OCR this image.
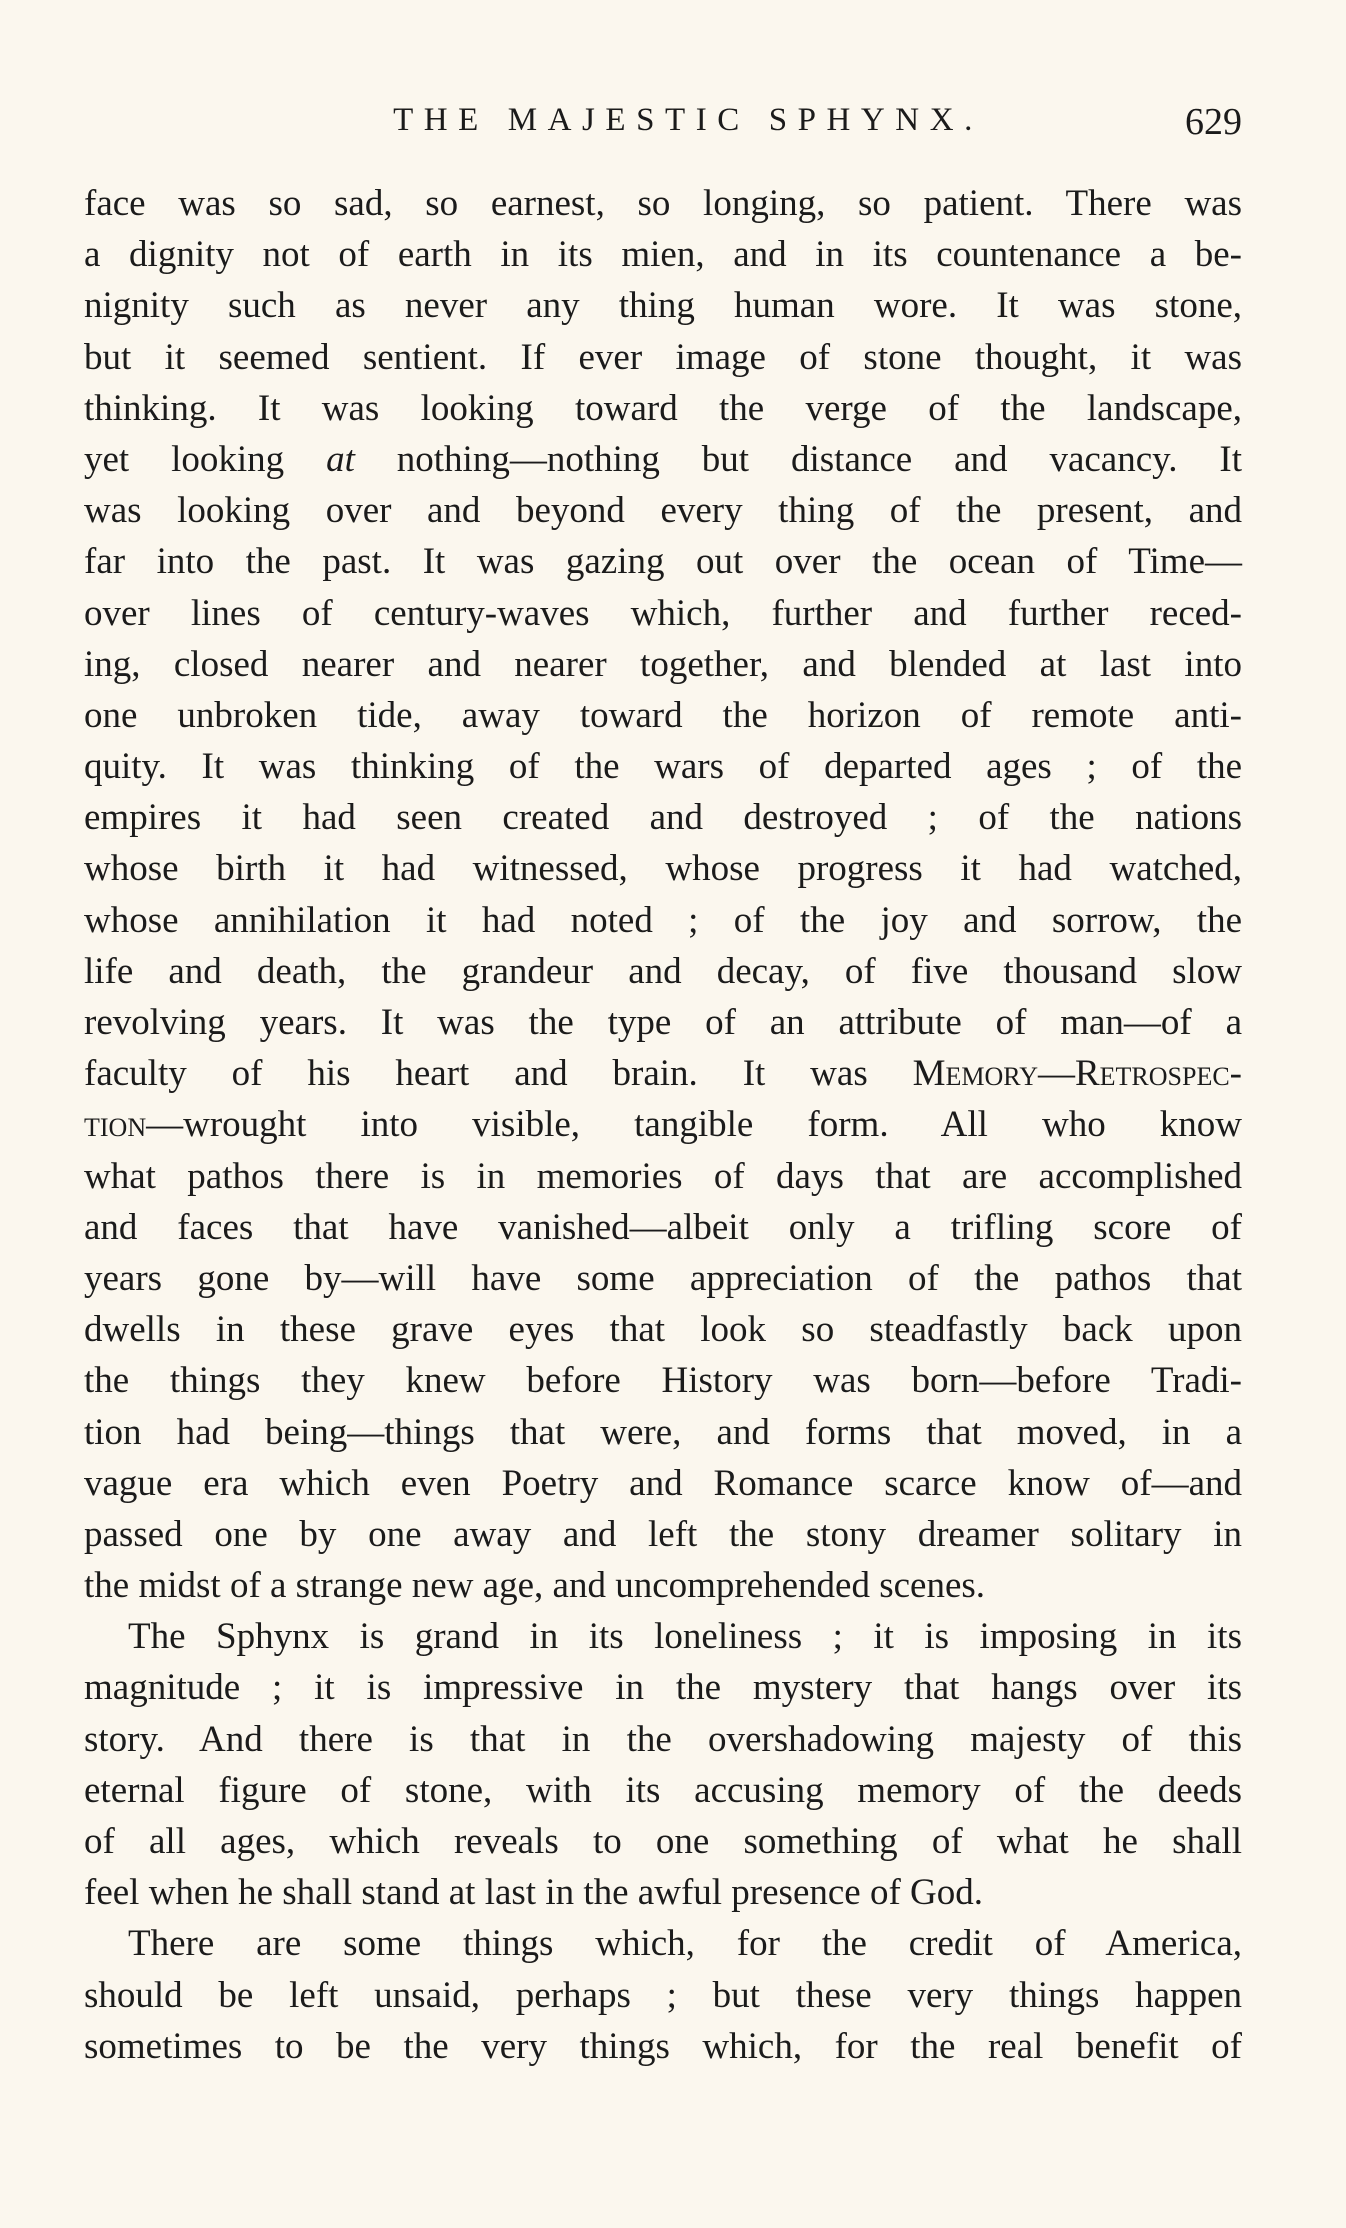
THE MAJESTIC SPHYNX.	629
face was so sad, so earnest, so longing, so patient. There was
a dignity not of earth in its mien, and in its countenance a be-
nignity such as never any thing human wore. It was stone,
but it seemed sentient. If ever image of stone thought, it was
thinking. It was looking toward the verge of the landscape,
yet looking at nothing—nothing but distance and vacancy. It
was looking over and beyond every thing of the present, and
far into the past. It was gazing out over the ocean of Time—
over lines of century-waves which, further and further reced-
ing, closed nearer and nearer together, and blended at last into
one unbroken tide, away toward the horizon of remote anti-
quity. It was thinking of the wars of departed ages ; of the
empires it had seen created and destroyed ; of the nations
whose birth it had witnessed, whose progress it had watched,
whose annihilation it had noted ; of the joy and sorrow, the
life and death, the grandeur and decay, of five thousand slow
revolving years. It was the type of an attribute of man—of a
faculty of his heart and brain. It was Memory—Retrospec-
tion—wrought into visible, tangible form. All who know
what pathos there is in memories of days that are accomplished
and faces that have vanished—albeit only a trifling score of
years gone by—will have some appreciation of the pathos that
dwells in these grave eyes that look so steadfastly back upon
the things they knew before History was born—before Tradi-
tion had being—things that were, and forms that moved, in a
vague era which even Poetry and Romance scarce know of—and
passed one by one away and left the stony dreamer solitary in
the midst of a strange new age, and uncomprehended scenes.
The Sphynx is grand in its loneliness ; it is imposing in its
magnitude ; it is impressive in the mystery that hangs over its
story. And there is that in the overshadowing majesty of this
eternal figure of stone, with its accusing memory of the deeds
of all ages, which reveals to one something of what he shall
feel when he shall stand at last in the awful presence of God.
There are some things which, for the credit of America,
should be left unsaid, perhaps ; but these very things happen
sometimes to be the very things which, for the real benefit of
